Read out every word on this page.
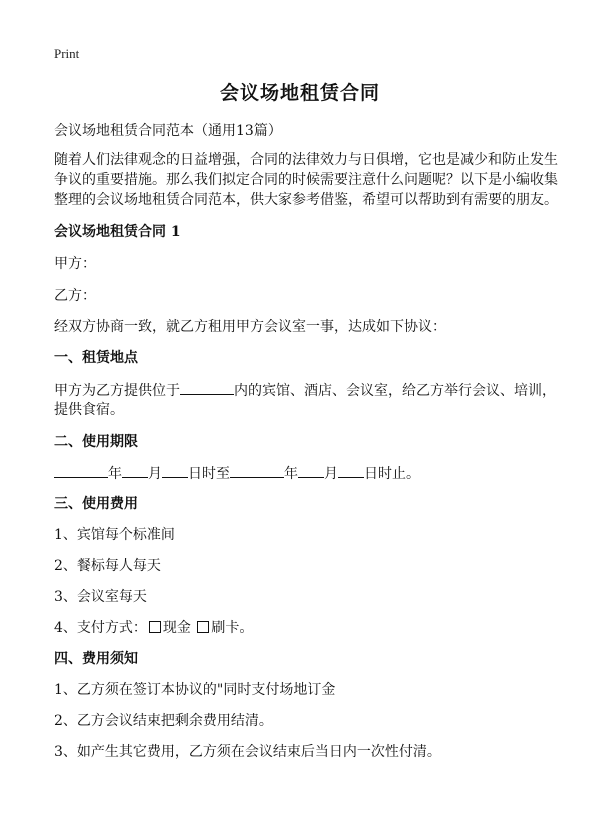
Print
会议场地租赁合同
会议场地租赁合同范本（通用13篇）
随着人们法律观念的日益增强，合同的法律效力与日俱增，它也是减少和防止发生
争议的重要措施。那么我们拟定合同的时候需要注意什么问题呢？以下是小编收集
整理的会议场地租赁合同范本，供大家参考借鉴，希望可以帮助到有需要的朋友。
会议场地租赁合同 1
甲方：
乙方：
经双方协商一致，就乙方租用甲方会议室一事，达成如下协议：
一、租赁地点
甲方为乙方提供位于	内的宾馆、酒店、会议室，给乙方举行会议、培训，
提供食宿。
二、使用期限
年 月 日时至	年 月 日时止。
三、使用费用
1、宾馆每个标准间
2、餐标每人每天
3、会议室每天
4、支付方式： 现金 刷卡。
四、费用须知
1、乙方须在签订本协议的"同时支付场地订金
2、乙方会议结束把剩余费用结清。
3、如产生其它费用，乙方须在会议结束后当日内一次性付清。
